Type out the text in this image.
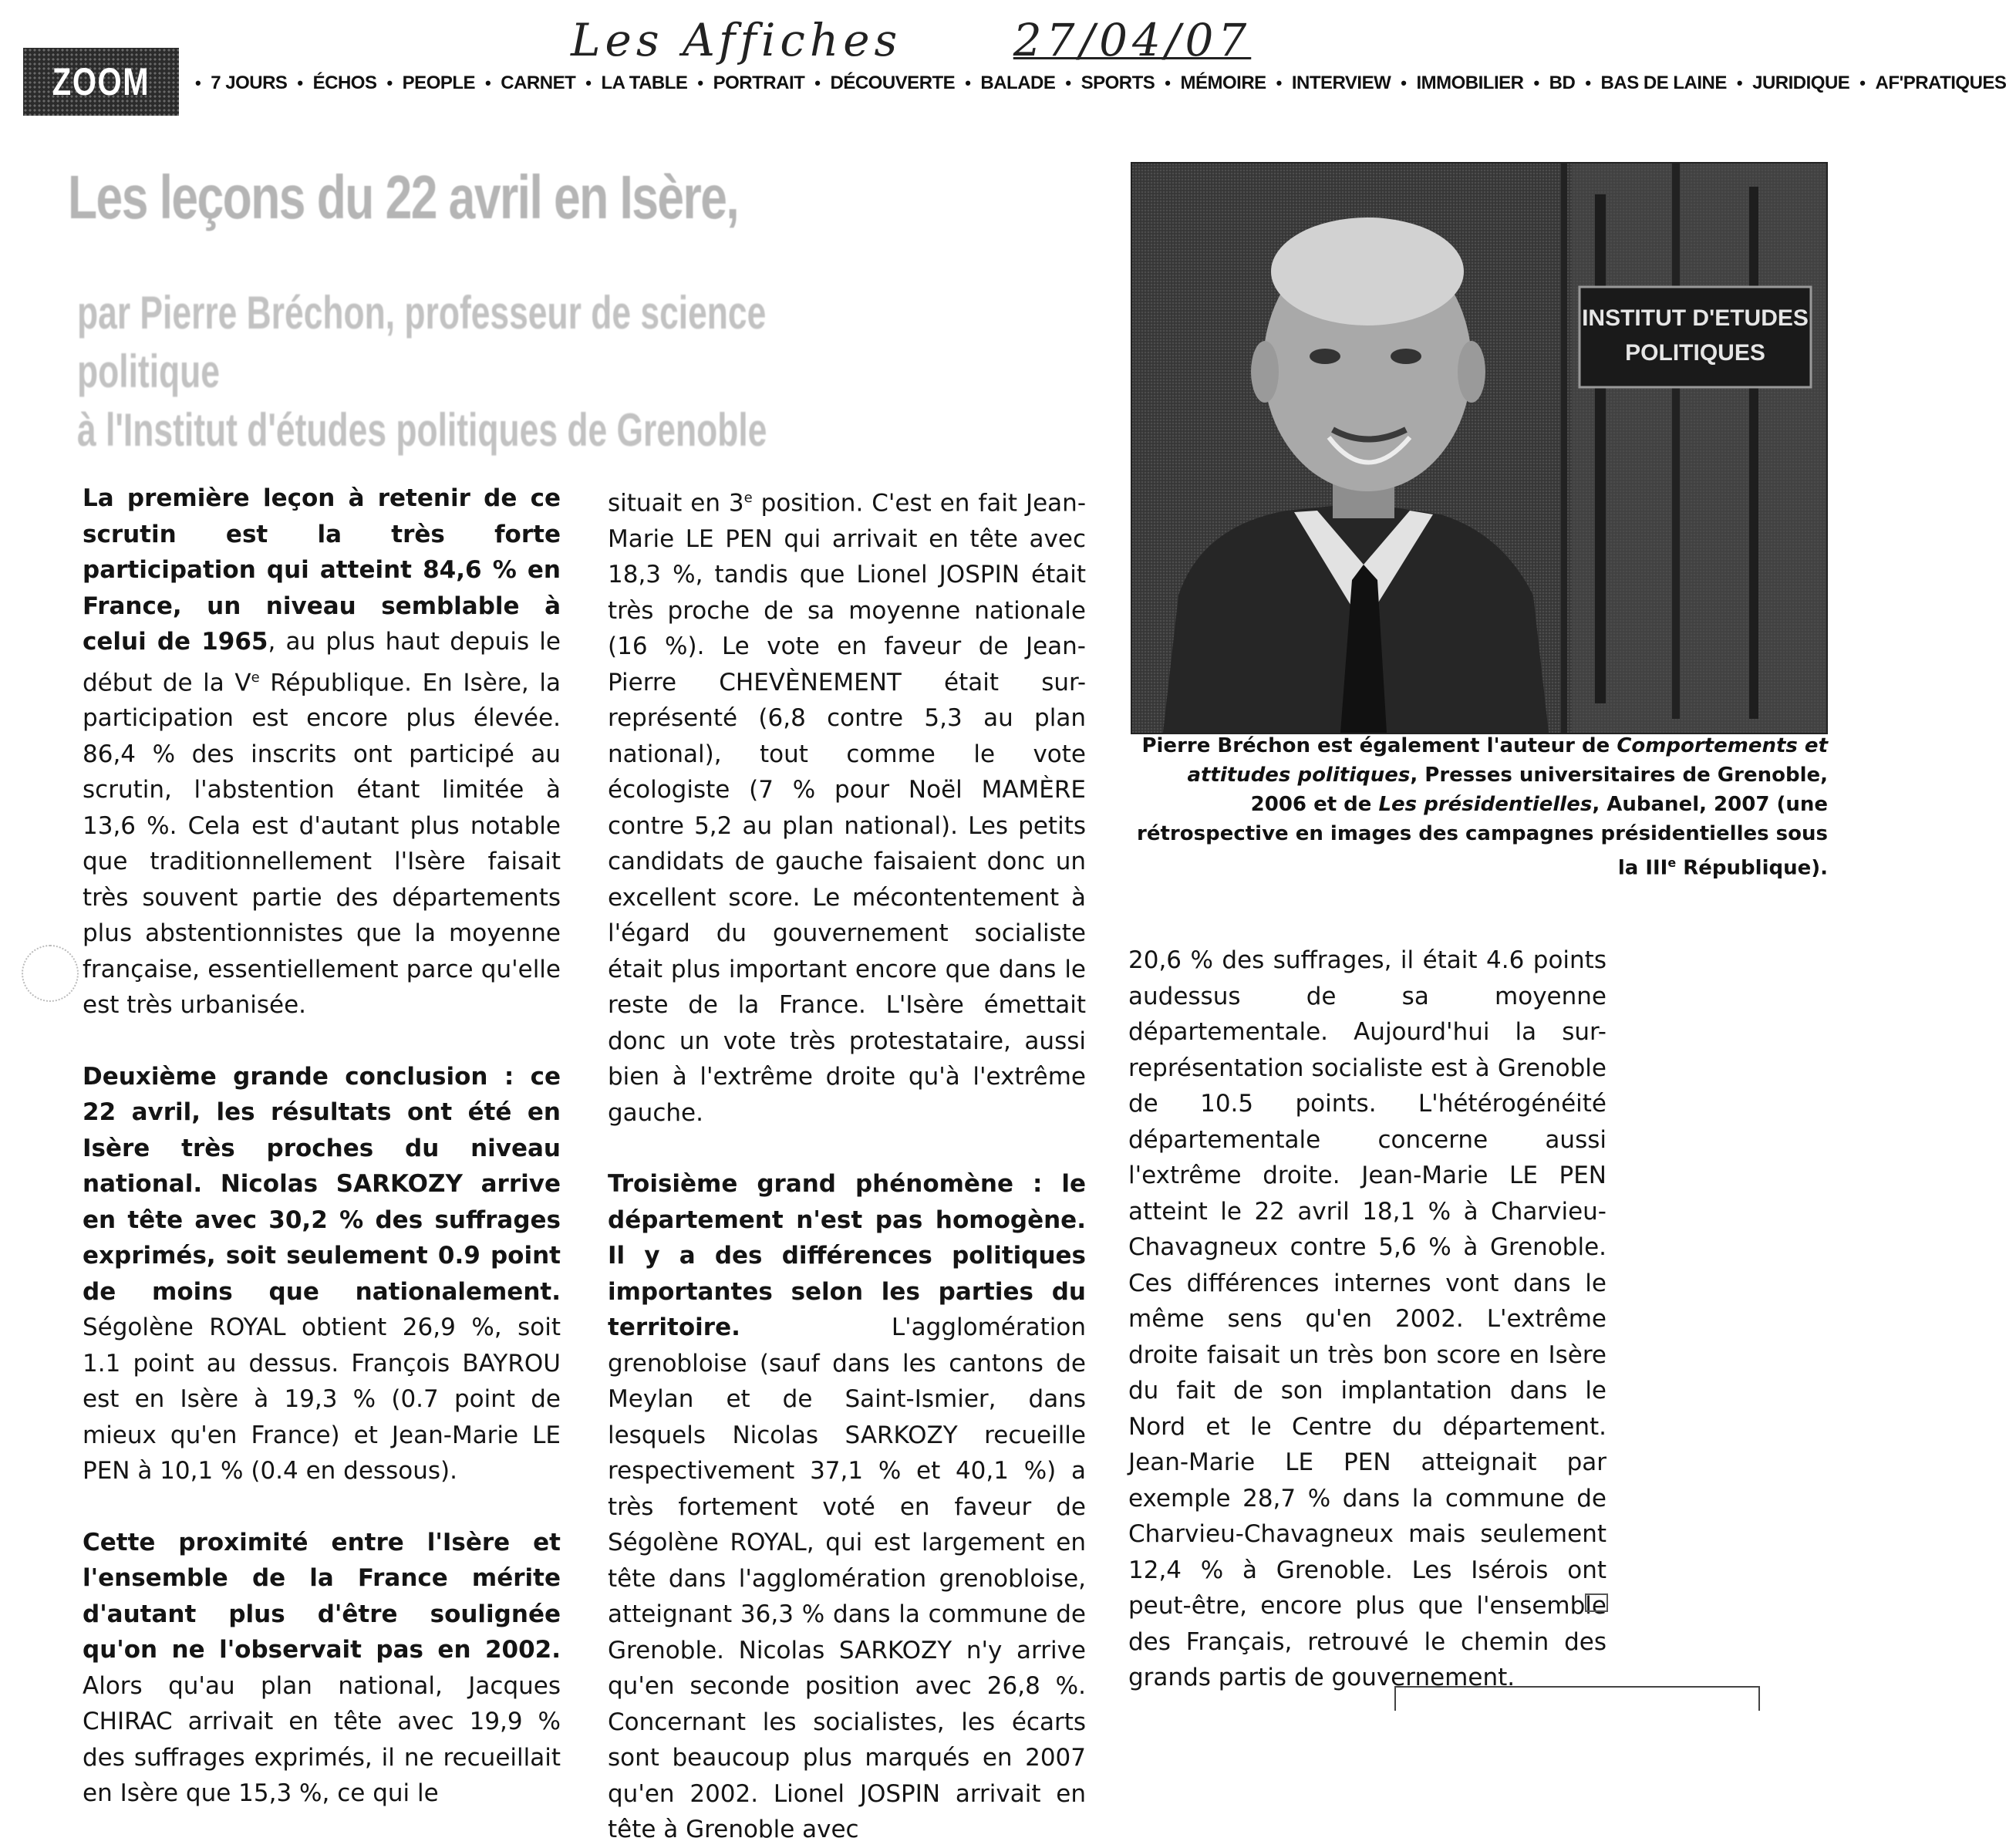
Les Affiches 27/04/07
ZOOM	• 7 JOURS • ÉCHOS • PEOPLE • CARNET • LA TABLE • PORTRAIT • DÉCOUVERTE • BALADE • SPORTS • MÉMOIRE • INTERVIEW • IMMOBILIER • BD • BAS DE LAINE • JURIDIQUE • AF'PRATIQUES
Les leçons du 22 avril en Isère,
par Pierre Bréchon, professeur de science politique
à l'Institut d'études politiques de Grenoble

La première leçon à retenir de ce scrutin est la très forte participation qui atteint 84,6 % en France, un niveau semblable à celui de 1965, au plus haut depuis le début de la Ve République. En Isère, la participation est encore plus élevée. 86,4 % des inscrits ont participé au scrutin, l'abstention étant limitée à 13,6 %. Cela est d'autant plus notable que traditionnellement l'Isère faisait très souvent partie des départements plus abstentionnistes que la moyenne française, essentiellement parce qu'elle est très urbanisée.

Deuxième grande conclusion : ce 22 avril, les résultats ont été en Isère très proches du niveau national. Nicolas SARKOZY arrive en tête avec 30,2 % des suffrages exprimés, soit seulement 0.9 point de moins que nationalement. Ségolène ROYAL obtient 26,9 %, soit 1.1 point au dessus. François BAYROU est en Isère à 19,3 % (0.7 point de mieux qu'en France) et Jean-Marie LE PEN à 10,1 % (0.4 en dessous).

Cette proximité entre l'Isère et l'ensemble de la France mérite d'autant plus d'être soulignée qu'on ne l'observait pas en 2002. Alors qu'au plan national, Jacques CHIRAC arrivait en tête avec 19,9 % des suffrages exprimés, il ne recueillait en Isère que 15,3 %, ce qui le

situait en 3e position. C'est en fait Jean-Marie LE PEN qui arrivait en tête avec 18,3 %, tandis que Lionel JOSPIN était très proche de sa moyenne nationale (16 %). Le vote en faveur de Jean-Pierre CHEVÈNEMENT était sur-représenté (6,8 contre 5,3 au plan national), tout comme le vote écologiste (7 % pour Noël MAMÈRE contre 5,2 au plan national). Les petits candidats de gauche faisaient donc un excellent score. Le mécontentement à l'égard du gouvernement socialiste était plus important encore que dans le reste de la France. L'Isère émettait donc un vote très protestataire, aussi bien à l'extrême droite qu'à l'extrême gauche.

Troisième grand phénomène : le département n'est pas homogène. Il y a des différences politiques importantes selon les parties du territoire. L'agglomération grenobloise (sauf dans les cantons de Meylan et de Saint-Ismier, dans lesquels Nicolas SARKOZY recueille respectivement 37,1 % et 40,1 %) a très fortement voté en faveur de Ségolène ROYAL, qui est largement en tête dans l'agglomération grenobloise, atteignant 36,3 % dans la commune de Grenoble. Nicolas SARKOZY n'y arrive qu'en seconde position avec 26,8 %. Concernant les socialistes, les écarts sont beaucoup plus marqués en 2007 qu'en 2002. Lionel JOSPIN arrivait en tête à Grenoble avec

INSTITUT D'ETUDES
POLITIQUES
Pierre Bréchon est également l'auteur de Comportements et attitudes politiques, Presses universitaires de Grenoble, 2006 et de Les présidentielles, Aubanel, 2007 (une rétrospective en images des campagnes présidentielles sous la IIIe République).

20,6 % des suffrages, il était 4.6 points audessus de sa moyenne départementale. Aujourd'hui la sur-représentation socialiste est à Grenoble de 10.5 points. L'hétérogénéité départementale concerne aussi l'extrême droite. Jean-Marie LE PEN atteint le 22 avril 18,1 % à Charvieu-Chavagneux contre 5,6 % à Grenoble. Ces différences internes vont dans le même sens qu'en 2002. L'extrême droite faisait un très bon score en Isère du fait de son implantation dans le Nord et le Centre du département. Jean-Marie LE PEN atteignait par exemple 28,7 % dans la commune de Charvieu-Chavagneux mais seulement 12,4 % à Grenoble. Les Isérois ont peut-être, encore plus que l'ensemble des Français, retrouvé le chemin des grands partis de gouvernement.
